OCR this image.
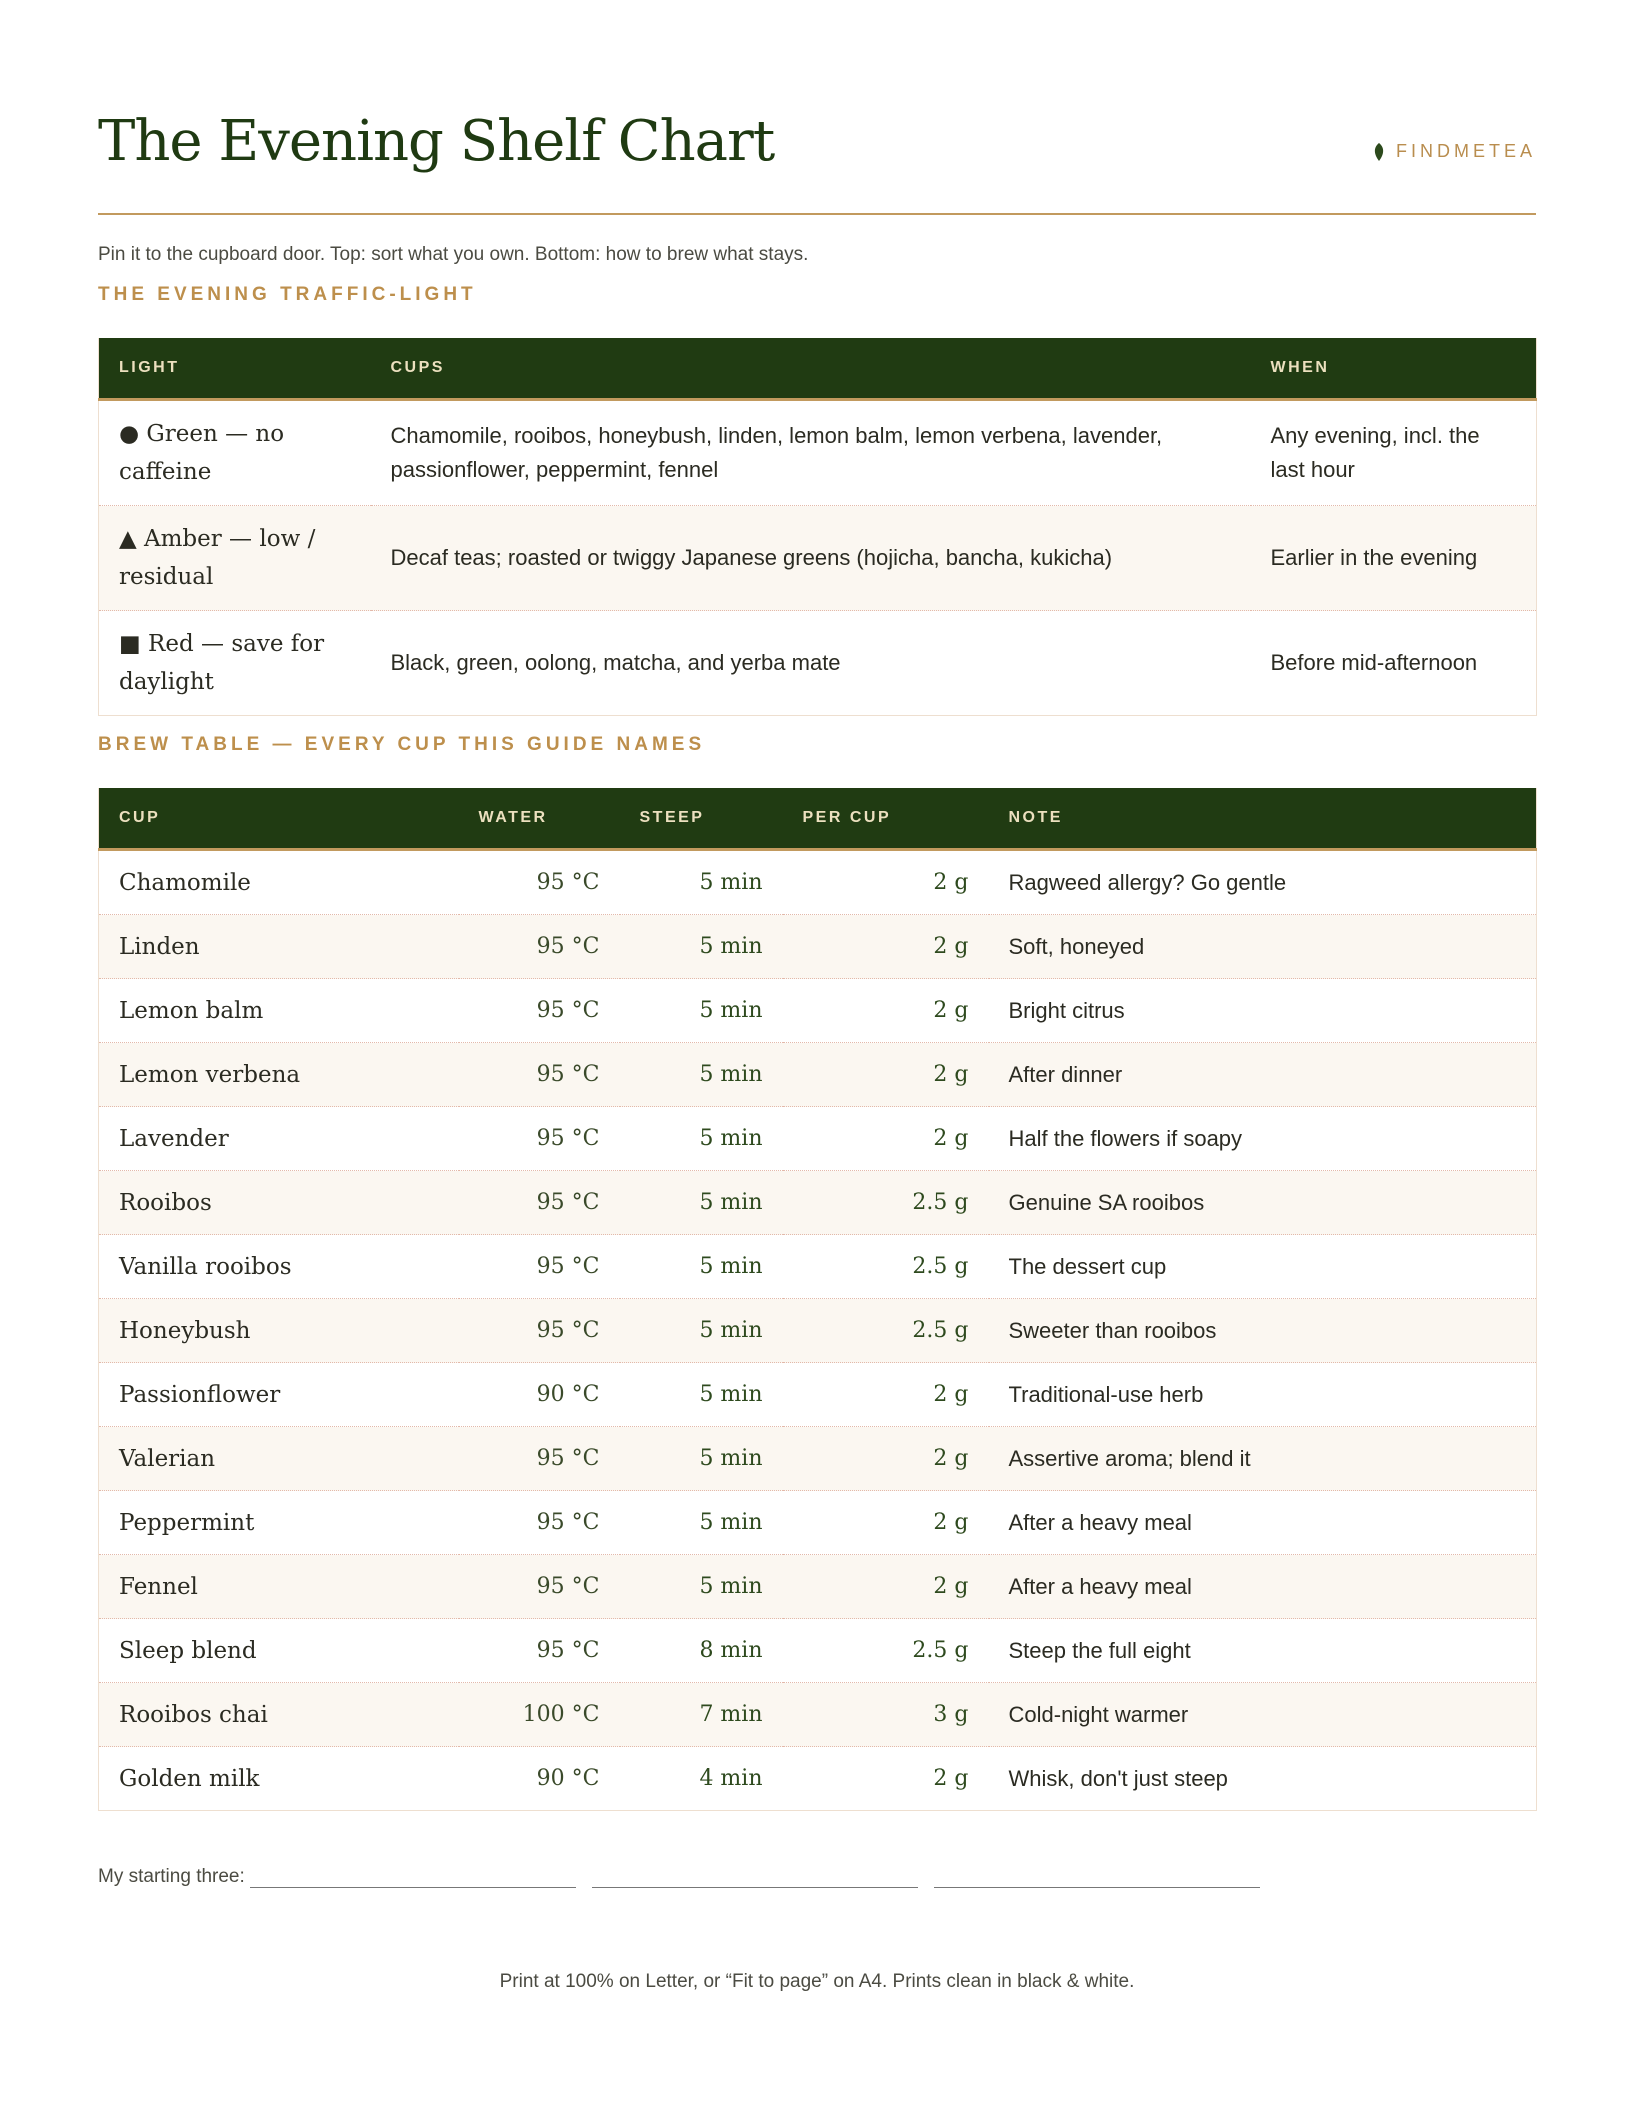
The Evening Shelf Chart	FINDMETEA
Pin it to the cupboard door. Top: sort what you own. Bottom: how to brew what stays.
THE EVENING TRAFFIC-LIGHT
LIGHT	CUPS	WHEN
● Green — no caffeine	Chamomile, rooibos, honeybush, linden, lemon balm, lemon verbena, lavender, passionflower, peppermint, fennel	Any evening, incl. the last hour
▲ Amber — low / residual	Decaf teas; roasted or twiggy Japanese greens (hojicha, bancha, kukicha)	Earlier in the evening
■ Red — save for daylight	Black, green, oolong, matcha, and yerba mate	Before mid-afternoon
BREW TABLE — EVERY CUP THIS GUIDE NAMES
CUP	WATER	STEEP	PER CUP	NOTE
Chamomile	95 °C	5 min	2 g	Ragweed allergy? Go gentle
Linden	95 °C	5 min	2 g	Soft, honeyed
Lemon balm	95 °C	5 min	2 g	Bright citrus
Lemon verbena	95 °C	5 min	2 g	After dinner
Lavender	95 °C	5 min	2 g	Half the flowers if soapy
Rooibos	95 °C	5 min	2.5 g	Genuine SA rooibos
Vanilla rooibos	95 °C	5 min	2.5 g	The dessert cup
Honeybush	95 °C	5 min	2.5 g	Sweeter than rooibos
Passionflower	90 °C	5 min	2 g	Traditional-use herb
Valerian	95 °C	5 min	2 g	Assertive aroma; blend it
Peppermint	95 °C	5 min	2 g	After a heavy meal
Fennel	95 °C	5 min	2 g	After a heavy meal
Sleep blend	95 °C	8 min	2.5 g	Steep the full eight
Rooibos chai	100 °C	7 min	3 g	Cold-night warmer
Golden milk	90 °C	4 min	2 g	Whisk, don't just steep
My starting three:
Print at 100% on Letter, or “Fit to page” on A4. Prints clean in black & white.
